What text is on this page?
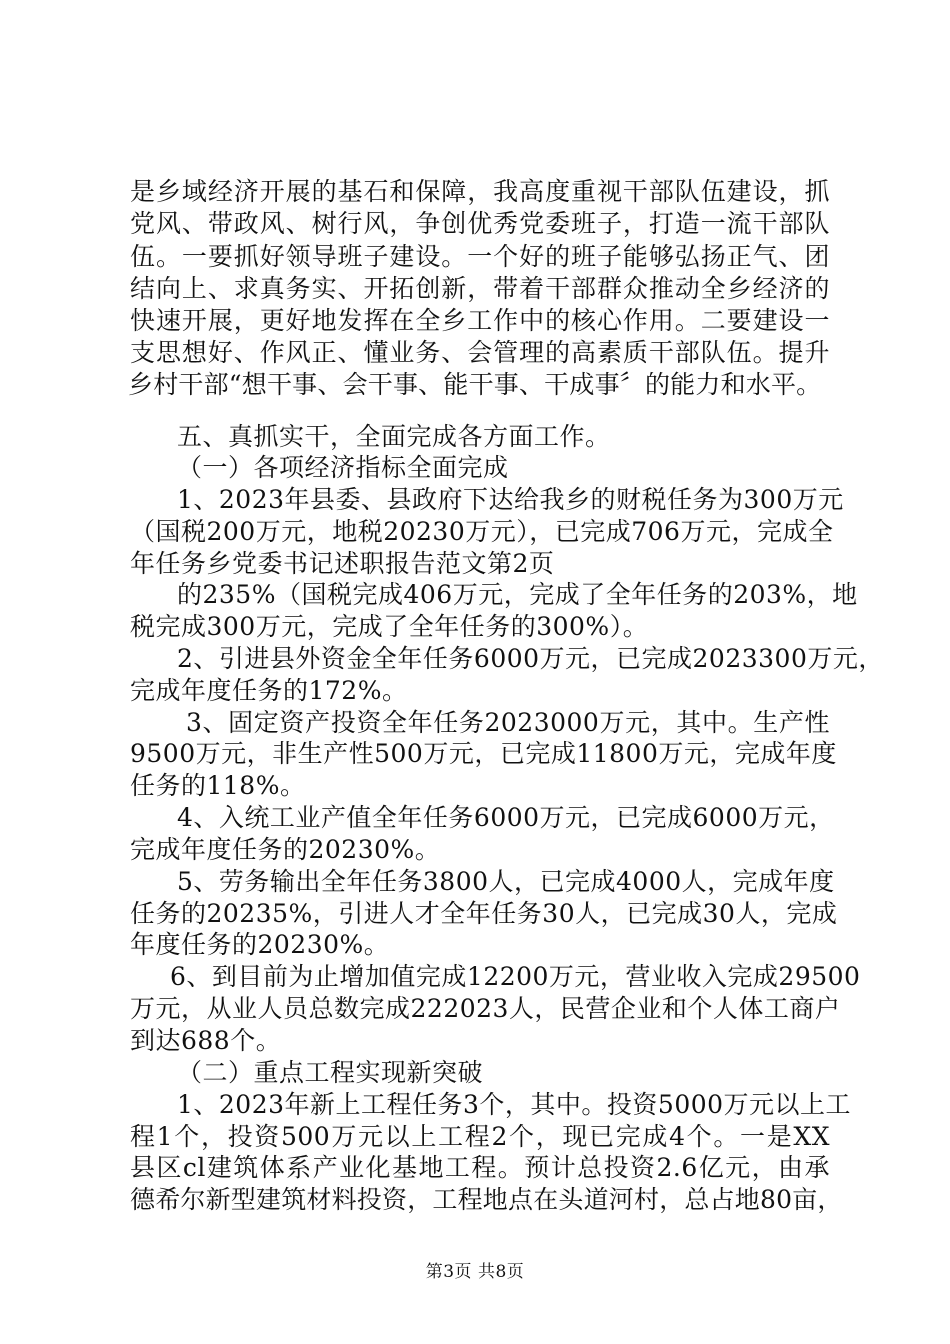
是乡域经济开展的基石和保障，我高度重视干部队伍建设，抓
党风、带政风、树行风，争创优秀党委班子，打造一流干部队
伍。一要抓好领导班子建设。一个好的班子能够弘扬正气、团
结向上、求真务实、开拓创新，带着干部群众推动全乡经济的
快速开展，更好地发挥在全乡工作中的核心作用。二要建设一
支思想好、作风正、懂业务、会管理的高素质干部队伍。提升
乡村干部“想干事、会干事、能干事、干成事〞的能力和水平。
五、真抓实干，全面完成各方面工作。
（一）各项经济指标全面完成
1、2023年县委、县政府下达给我乡的财税任务为300万元
（国税200万元，地税20230万元），已完成706万元，完成全
年任务乡党委书记述职报告范文第2页
的235%（国税完成406万元，完成了全年任务的203%，地
税完成300万元，完成了全年任务的300%）。
2、引进县外资金全年任务6000万元，已完成2023300万元，
完成年度任务的172%。
3、固定资产投资全年任务2023000万元，其中。生产性
9500万元，非生产性500万元，已完成11800万元，完成年度
任务的118%。
4、入统工业产值全年任务6000万元，已完成6000万元，
完成年度任务的20230%。
5、劳务输出全年任务3800人，已完成4000人，完成年度
任务的20235%，引进人才全年任务30人，已完成30人，完成
年度任务的20230%。
6、到目前为止增加值完成12200万元，营业收入完成29500
万元，从业人员总数完成222023人，民营企业和个人体工商户
到达688个。
（二）重点工程实现新突破
1、2023年新上工程任务3个，其中。投资5000万元以上工
程1个，投资500万元以上工程2个，现已完成4个。一是XX
县区cl建筑体系产业化基地工程。预计总投资2.6亿元，由承
德希尔新型建筑材料投资，工程地点在头道河村，总占地80亩，
第3页 共8页
